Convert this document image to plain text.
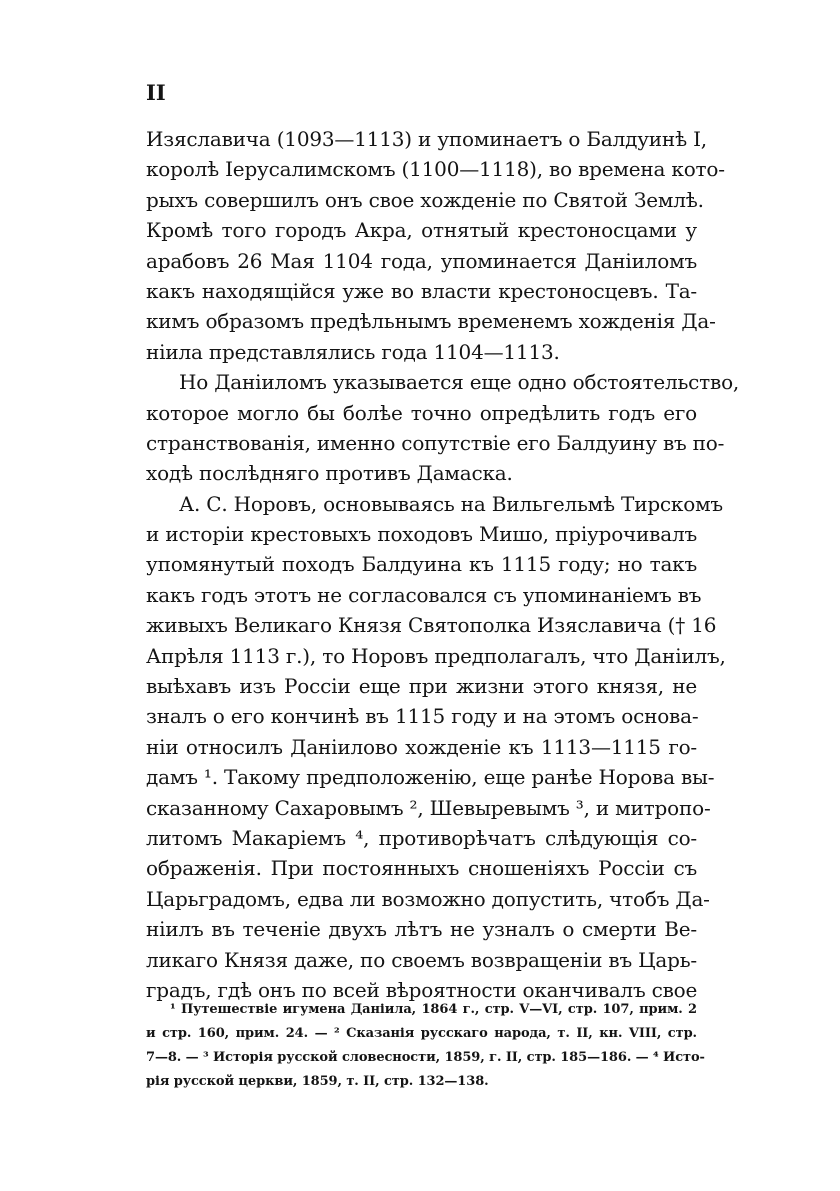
II
Изяславича (1093—1113) и упоминаетъ о Балдуинѣ I,
королѣ Іерусалимскомъ (1100—1118), во времена кото-
рыхъ совершилъ онъ свое хожденіе по Святой Землѣ.
Кромѣ того городъ Акра, отнятый крестоносцами у
арабовъ 26 Мая 1104 года, упоминается Даніиломъ
какъ находящійся уже во власти крестоносцевъ. Та-
кимъ образомъ предѣльнымъ временемъ хожденія Да-
ніила представлялись года 1104—1113.
Но Даніиломъ указывается еще одно обстоятельство,
которое могло бы болѣе точно опредѣлить годъ его
странствованія, именно сопутствіе его Балдуину въ по-
ходѣ послѣдняго противъ Дамаска.
А. С. Норовъ, основываясь на Вильгельмѣ Тирскомъ
и исторіи крестовыхъ походовъ Мишо, пріурочивалъ
упомянутый походъ Балдуина къ 1115 году; но такъ
какъ годъ этотъ не согласовался съ упоминаніемъ въ
живыхъ Великаго Князя Святополка Изяславича († 16
Апрѣля 1113 г.), то Норовъ предполагалъ, что Даніилъ,
выѣхавъ изъ Россіи еще при жизни этого князя, не
зналъ о его кончинѣ въ 1115 году и на этомъ основа-
ніи относилъ Даніилово хожденіе къ 1113—1115 го-
дамъ ¹. Такому предположенію, еще ранѣе Норова вы-
сказанному Сахаровымъ ², Шевыревымъ ³, и митропо-
литомъ Макаріемъ ⁴, противорѣчатъ слѣдующія со-
ображенія. При постоянныхъ сношеніяхъ Россіи съ
Царьградомъ, едва ли возможно допустить, чтобъ Да-
ніилъ въ теченіе двухъ лѣтъ не узналъ о смерти Ве-
ликаго Князя даже, по своемъ возвращеніи въ Царь-
градъ, гдѣ онъ по всей вѣроятности оканчивалъ свое
¹ Путешествіе игумена Даніила, 1864 г., стр. V—VI, стр. 107, прим. 2
и стр. 160, прим. 24. — ² Сказанія русскаго народа, т. II, кн. VIII, стр.
7—8. — ³ Исторія русской словесности, 1859, г. II, стр. 185—186. — ⁴ Исто-
рія русской церкви, 1859, т. II, стр. 132—138.
